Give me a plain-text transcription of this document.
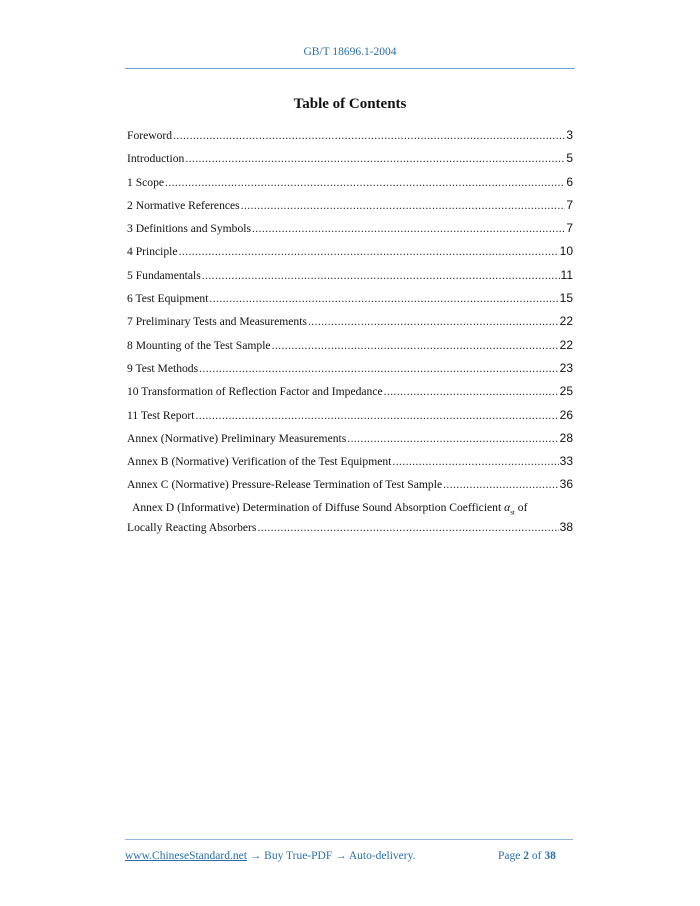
GB/T 18696.1-2004
Table of Contents
Foreword .....	3
Introduction .....	5
1 Scope .....	6
2 Normative References .....	7
3 Definitions and Symbols .....	7
4 Principle .....	10
5 Fundamentals .....	11
6 Test Equipment .....	15
7 Preliminary Tests and Measurements .....	22
8 Mounting of the Test Sample .....	22
9 Test Methods .....	23
10 Transformation of Reflection Factor and Impedance .....	25
11 Test Report .....	26
Annex (Normative) Preliminary Measurements .....	28
Annex B (Normative) Verification of the Test Equipment .....	33
Annex C (Normative) Pressure-Release Termination of Test Sample .....	36
Annex D (Informative) Determination of Diffuse Sound Absorption Coefficient $\alpha_{st}$ of
Locally Reacting Absorbers .....	38
www.ChineseStandard.net → Buy True-PDF → Auto-delivery.	Page 2 of 38
